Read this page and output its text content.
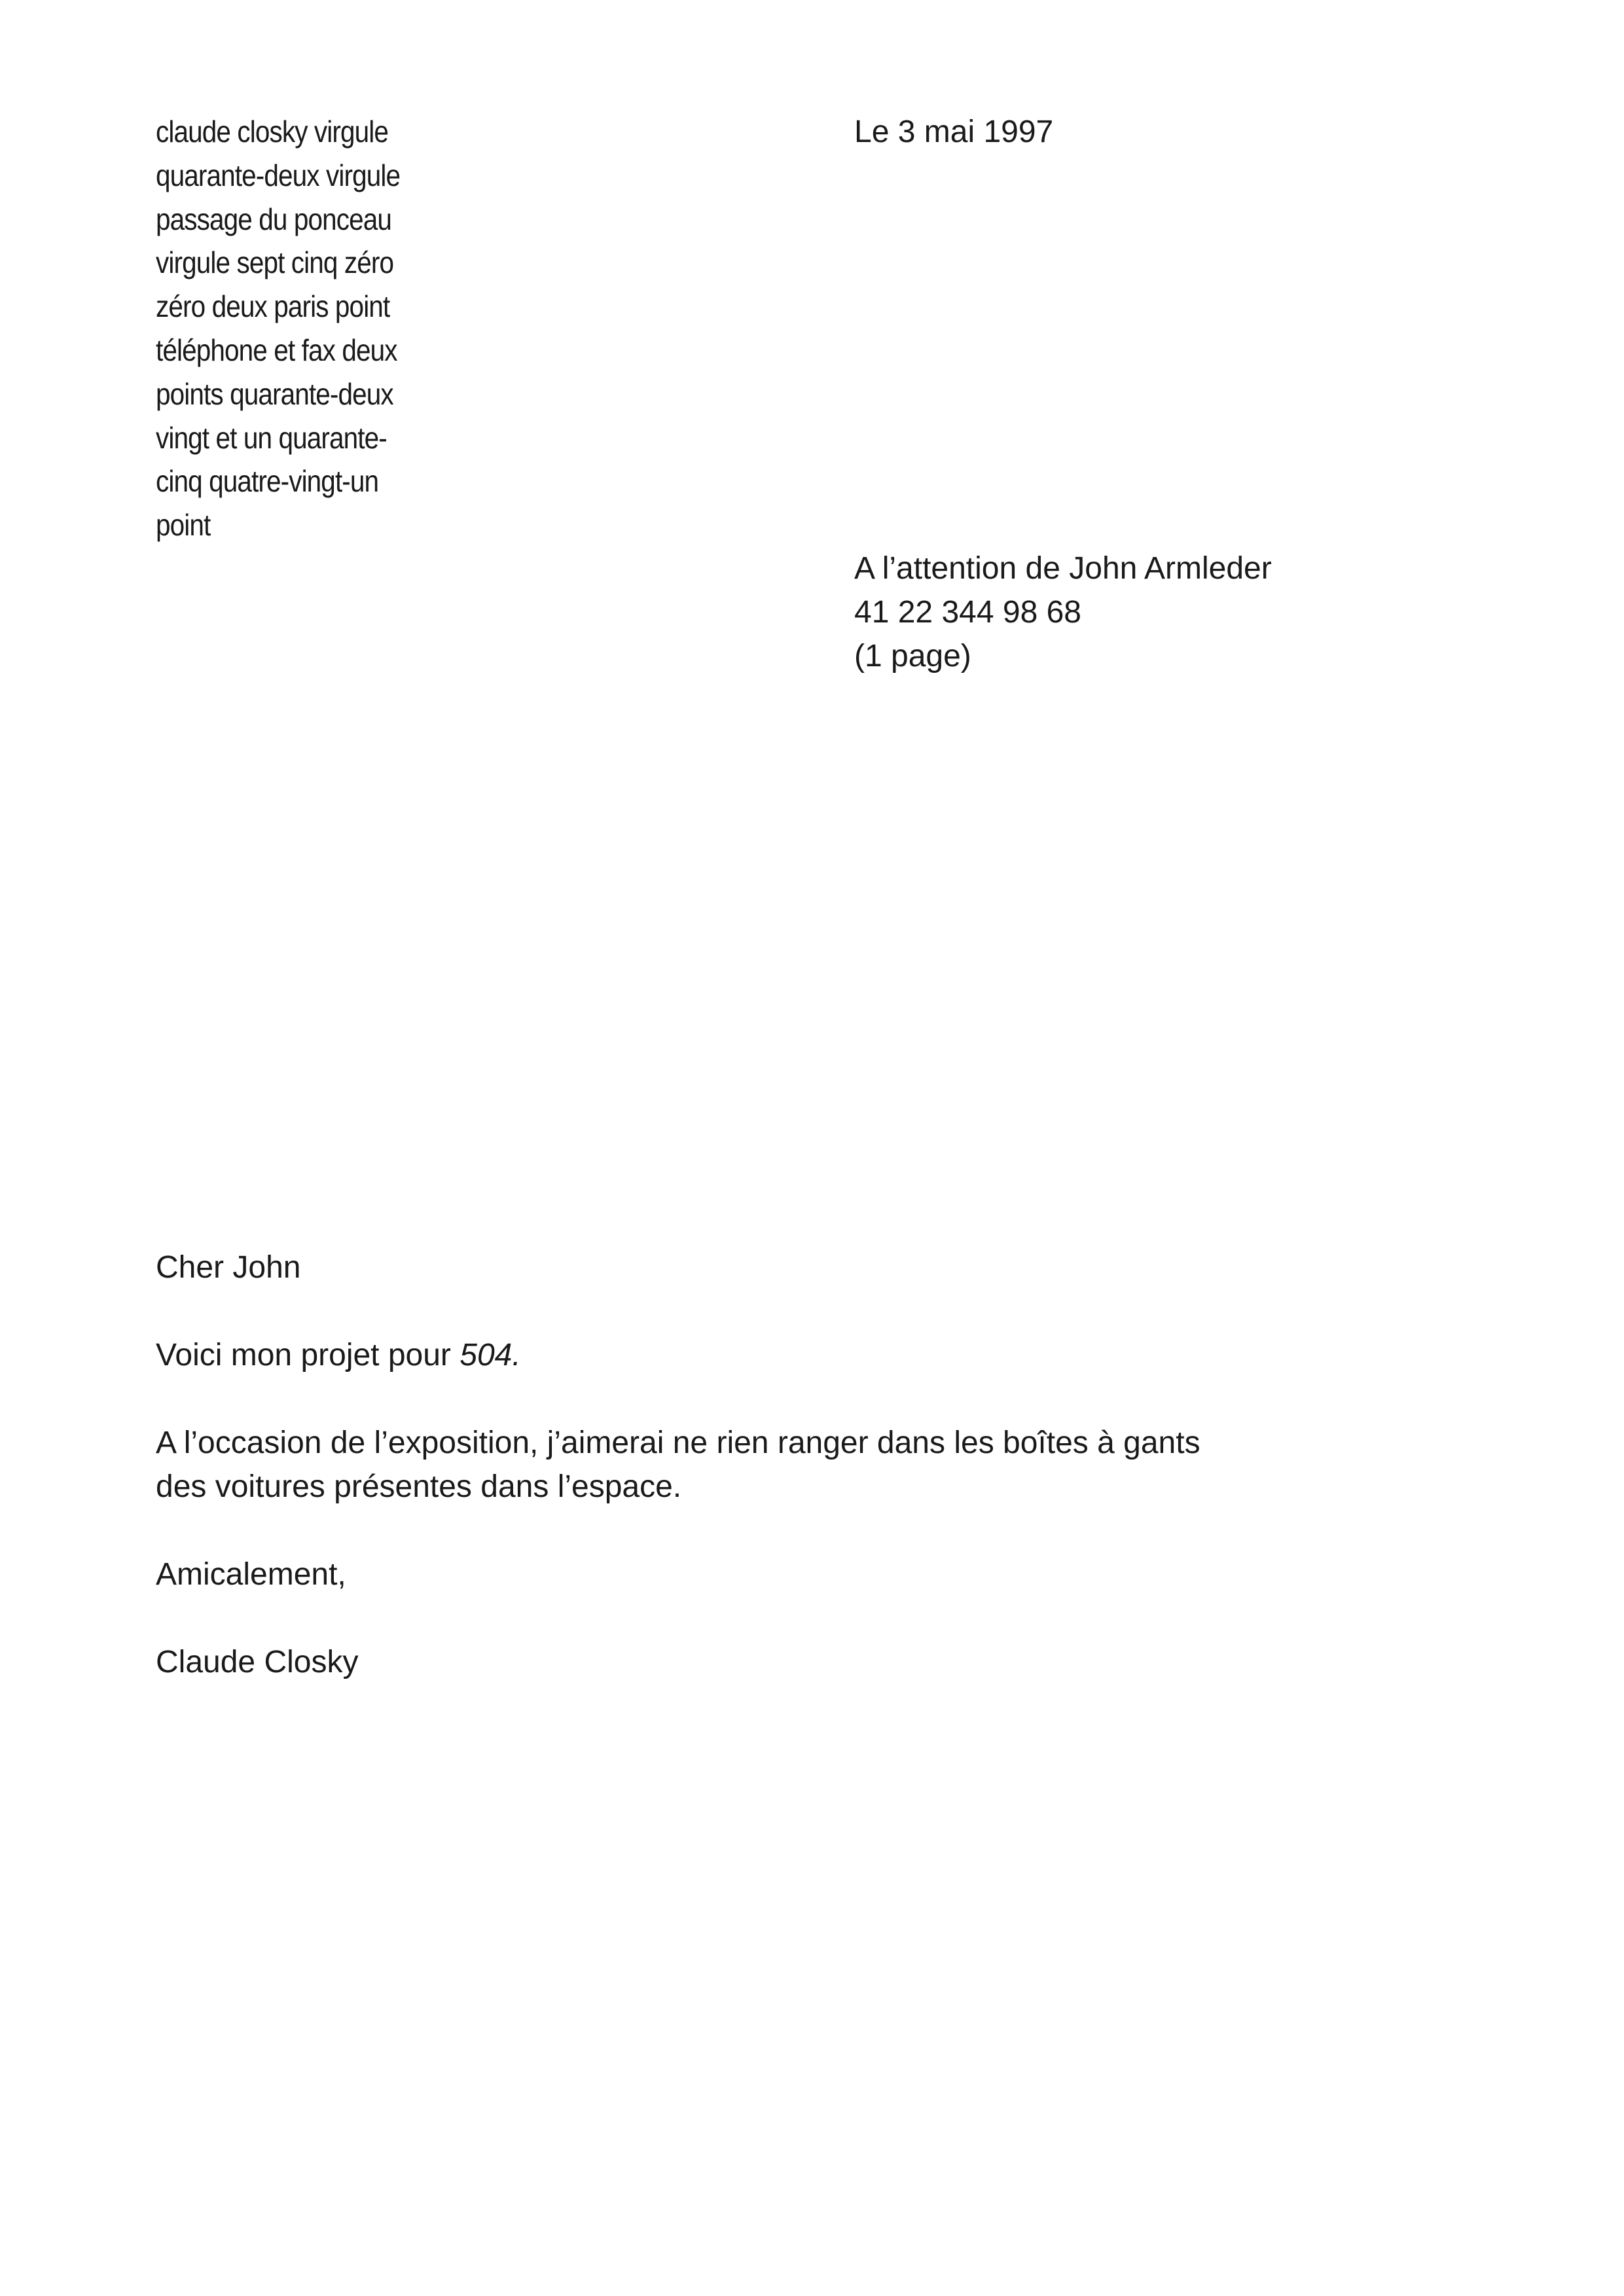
claude closky virgule
quarante-deux virgule
passage du ponceau
virgule sept cinq zéro
zéro deux paris point
téléphone et fax deux
points quarante-deux
vingt et un quarante-
cinq quatre-vingt-un
point
Le 3 mai 1997
A l’attention de John Armleder
41 22 344 98 68
(1 page)

Cher John

Voici mon projet pour 504.

A l’occasion de l’exposition, j’aimerai ne rien ranger dans les boîtes à gants
des voitures présentes dans l’espace.

Amicalement,

Claude Closky
